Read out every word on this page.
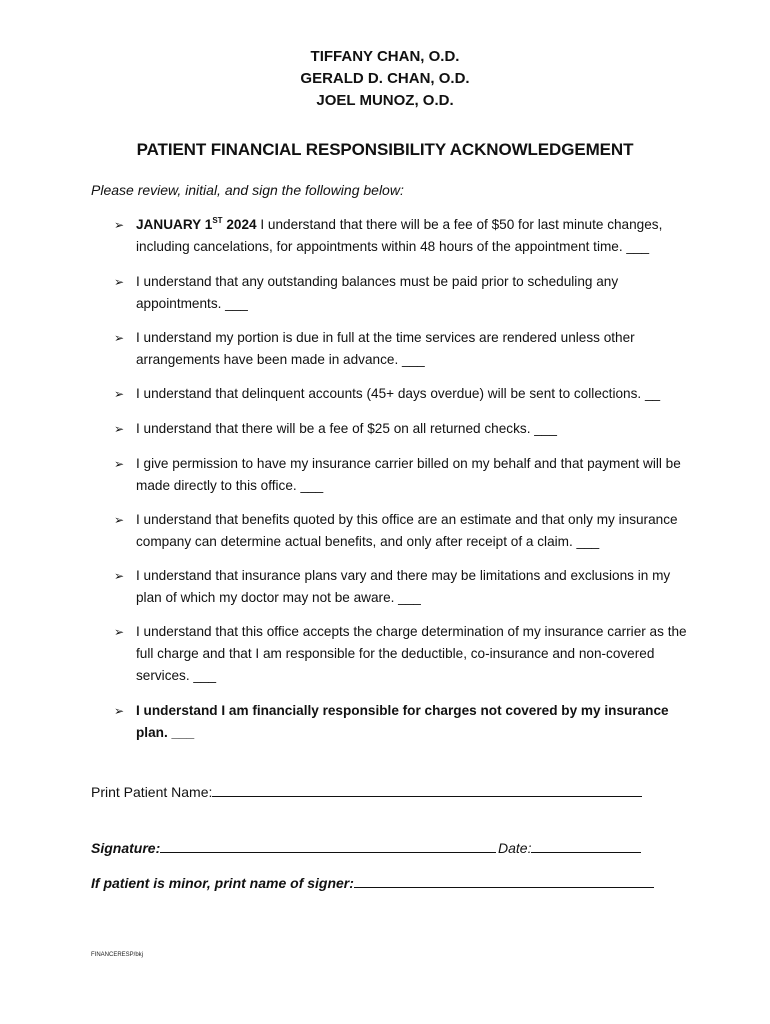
TIFFANY CHAN, O.D.
GERALD D. CHAN, O.D.
JOEL MUNOZ, O.D.
PATIENT FINANCIAL RESPONSIBILITY ACKNOWLEDGEMENT
Please review, initial, and sign the following below:
➢ JANUARY 1ST 2024 I understand that there will be a fee of $50 for last minute changes, including cancelations, for appointments within 48 hours of the appointment time. ___
➢ I understand that any outstanding balances must be paid prior to scheduling any appointments. ___
➢ I understand my portion is due in full at the time services are rendered unless other arrangements have been made in advance. ___
➢ I understand that delinquent accounts (45+ days overdue) will be sent to collections. __
➢ I understand that there will be a fee of $25 on all returned checks. ___
➢ I give permission to have my insurance carrier billed on my behalf and that payment will be made directly to this office. ___
➢ I understand that benefits quoted by this office are an estimate and that only my insurance company can determine actual benefits, and only after receipt of a claim. ___
➢ I understand that insurance plans vary and there may be limitations and exclusions in my plan of which my doctor may not be aware. ___
➢ I understand that this office accepts the charge determination of my insurance carrier as the full charge and that I am responsible for the deductible, co-insurance and non-covered services. ___
➢ I understand I am financially responsible for charges not covered by my insurance plan. ___
Print Patient Name:
Signature:	Date:
If patient is minor, print name of signer:
FINANCERESP/bkj
